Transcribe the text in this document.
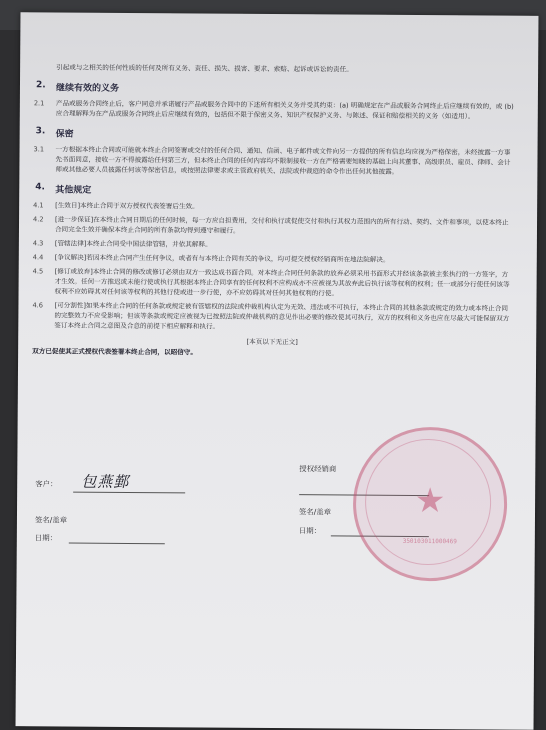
引起或与之相关的任何性质的任何及所有义务、责任、损失、损害、要求、索赔、起诉或诉讼的责任。

2. 继续有效的义务
2.1	产品或服务合同终止后，客户同意并承诺履行产品或服务合同中的下述所有相关义务并受其约束：(a) 明确规定在产品或服务合同终止后应继续有效的，或 (b) 应合理解释为在产品或服务合同终止后应继续有效的，包括但不限于保密义务、知识产权保护义务、与陈述、保证和赔偿相关的义务（如适用）。

3. 保密
3.1	一方根据本终止合同或可能就本终止合同签署或交付的任何合同、通知、信函、电子邮件或文件向另一方提供的所有信息均应视为严格保密，未经披露一方事先书面同意，接收一方不得披露给任何第三方，但本终止合同的任何内容均不限制接收一方在严格需要知晓的基础上向其董事、高级职员、雇员、律师、会计师或其他必要人员披露任何该等保密信息，或按照法律要求或主管政府机关、法院或仲裁庭的命令作出任何其他披露。

4. 其他规定
4.1	[生效日]本终止合同于双方授权代表签署后生效。

4.2	[进一步保证]在本终止合同日期后的任何时候，每一方应自担费用，交付和执行或促使交付和执行其权力范围内的所有行动、契约、文件和事项，以使本终止合同完全生效并确保本终止合同的所有条款均得到遵守和履行。

4.3	[管辖法律]本终止合同受中国法律管辖，并依其解释。

4.4	[争议解决]若因本终止合同产生任何争议，或者有与本终止合同有关的争议，均可提交授权经销商所在地法院解决。

4.5	[修订或放弃]本终止合同的修改或修订必须由双方一致达成书面合同。对本终止合同任何条款的放弃必须采用书面形式并经该条款被主张执行的一方签字，方才生效。任何一方推迟或未能行使或执行其根据本终止合同享有的任何权利不应构成亦不应被视为其放弃此后执行该等权利的权利；任一或部分行使任何该等权利不应妨碍其对任何该等权利的其他行使或进一步行使，亦不应妨碍其对任何其他权利的行使。

4.6	[可分割性]如果本终止合同的任何条款或规定被有管辖权的法院或仲裁机构认定为无效、违法或不可执行，本终止合同的其他条款或规定的效力或本终止合同的完整效力不应受影响；但该等条款或规定应被视为已按照法院或仲裁机构的意见作出必要的修改使其可执行，双方的权利和义务也应在尽最大可能保留双方签订本终止合同之意图及合意的前提下相应解释和执行。

[本页以下无正文]

双方已促使其正式授权代表签署本终止合同，以昭信守。

客户： 包燕鄞
签名/盖章
日期：
授权经销商
签名/盖章
日期：
★
350103011000469
